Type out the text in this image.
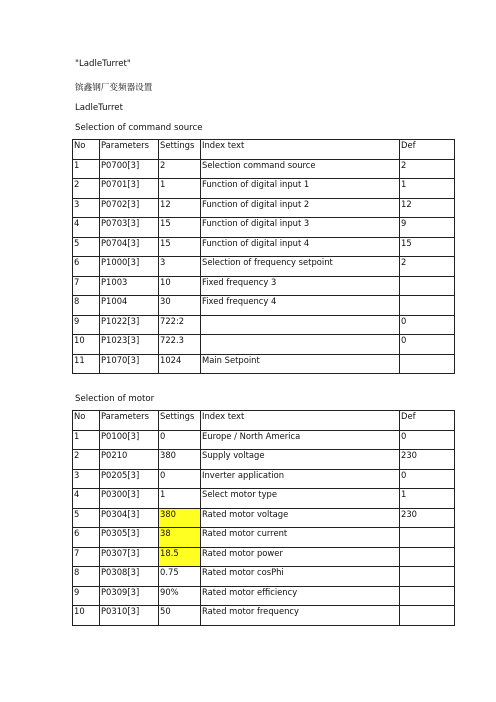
"LadleTurret"
镔鑫钢厂变频器设置
LadleTurret
Selection of command source
No	Parameters	Settings	Index text	Def
1	P0700[3]	2	Selection command source	2
2	P0701[3]	1	Function of digital input 1	1
3	P0702[3]	12	Function of digital input 2	12
4	P0703[3]	15	Function of digital input 3	9
5	P0704[3]	15	Function of digital input 4	15
6	P1000[3]	3	Selection of frequency setpoint	2
7	P1003	10	Fixed frequency 3	
8	P1004	30	Fixed frequency 4	
9	P1022[3]	722:2		0
10	P1023[3]	722.3		0
11	P1070[3]	1024	Main Setpoint	
Selection of motor
No	Parameters	Settings	Index text	Def
1	P0100[3]	0	Europe / North America	0
2	P0210	380	Supply voltage	230
3	P0205[3]	0	Inverter application	0
4	P0300[3]	1	Select motor type	1
5	P0304[3]	380	Rated motor voltage	230
6	P0305[3]	38	Rated motor current	
7	P0307[3]	18.5	Rated motor power	
8	P0308[3]	0.75	Rated motor cosPhi	
9	P0309[3]	90%	Rated motor efficiency	
10	P0310[3]	50	Rated motor frequency	
